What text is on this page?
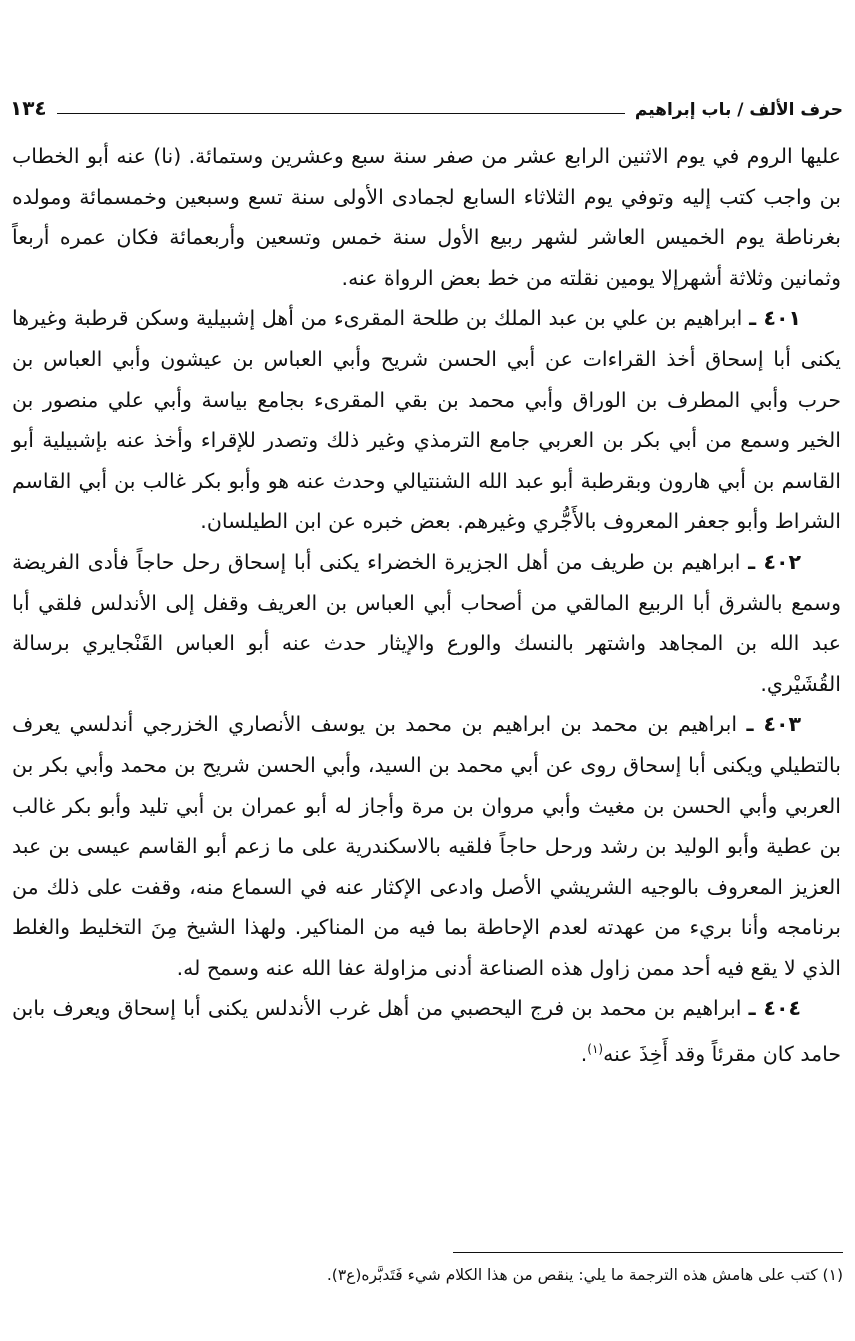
حرف الألف / باب إبراهيم
١٣٤

عليها الروم في يوم الاثنين الرابع عشر من صفر سنة سبع وعشرين وستمائة. (نا) عنه أبو الخطاب بن واجب كتب إليه وتوفي يوم الثلاثاء السابع لجمادى الأولى سنة تسع وسبعين وخمسمائة ومولده بغرناطة يوم الخميس العاشر لشهر ربيع الأول سنة خمس وتسعين وأربعمائة فكان عمره أربعاً وثمانين وثلاثة أشهرإلا يومين نقلته من خط بعض الرواة عنه.

٤٠١ ـ ابراهيم بن علي بن عبد الملك بن طلحة المقرىء من أهل إشبيلية وسكن قرطبة وغيرها يكنى أبا إسحاق أخذ القراءات عن أبي الحسن شريح وأبي العباس بن عيشون وأبي العباس بن حرب وأبي المطرف بن الوراق وأبي محمد بن بقي المقرىء بجامع بياسة وأبي علي منصور بن الخير وسمع من أبي بكر بن العربي جامع الترمذي وغير ذلك وتصدر للإقراء وأخذ عنه بإشبيلية أبو القاسم بن أبي هارون وبقرطبة أبو عبد الله الشنتيالي وحدث عنه هو وأبو بكر غالب بن أبي القاسم الشراط وأبو جعفر المعروف بالأَجُّري وغيرهم. بعض خبره عن ابن الطيلسان.

٤٠٢ ـ ابراهيم بن طريف من أهل الجزيرة الخضراء يكنى أبا إسحاق رحل حاجاً فأدى الفريضة وسمع بالشرق أبا الربيع المالقي من أصحاب أبي العباس بن العريف وقفل إلى الأندلس فلقي أبا عبد الله بن المجاهد واشتهر بالنسك والورع والإيثار حدث عنه أبو العباس القَنْجايري برسالة القُشَيْري.

٤٠٣ ـ ابراهيم بن محمد بن ابراهيم بن محمد بن يوسف الأنصاري الخزرجي أندلسي يعرف بالتطيلي ويكنى أبا إسحاق روى عن أبي محمد بن السيد، وأبي الحسن شريح بن محمد وأبي بكر بن العربي وأبي الحسن بن مغيث وأبي مروان بن مرة وأجاز له أبو عمران بن أبي تليد وأبو بكر غالب بن عطية وأبو الوليد بن رشد ورحل حاجاً فلقيه بالاسكندرية على ما زعم أبو القاسم عيسى بن عبد العزيز المعروف بالوجيه الشريشي الأصل وادعى الإكثار عنه في السماع منه، وقفت على ذلك من برنامجه وأنا بريء من عهدته لعدم الإحاطة بما فيه من المناكير. ولهذا الشيخ مِنَ التخليط والغلط الذي لا يقع فيه أحد ممن زاول هذه الصناعة أدنى مزاولة عفا الله عنه وسمح له.

٤٠٤ ـ ابراهيم بن محمد بن فرج اليحصبي من أهل غرب الأندلس يكنى أبا إسحاق ويعرف بابن حامد كان مقرئاً وقد أَخِذَ عنه$^{(١)}$.

(١) كتب على هامش هذه الترجمة ما يلي: ينقص من هذا الكلام شيء فَتَدبَّره(ع٣).
